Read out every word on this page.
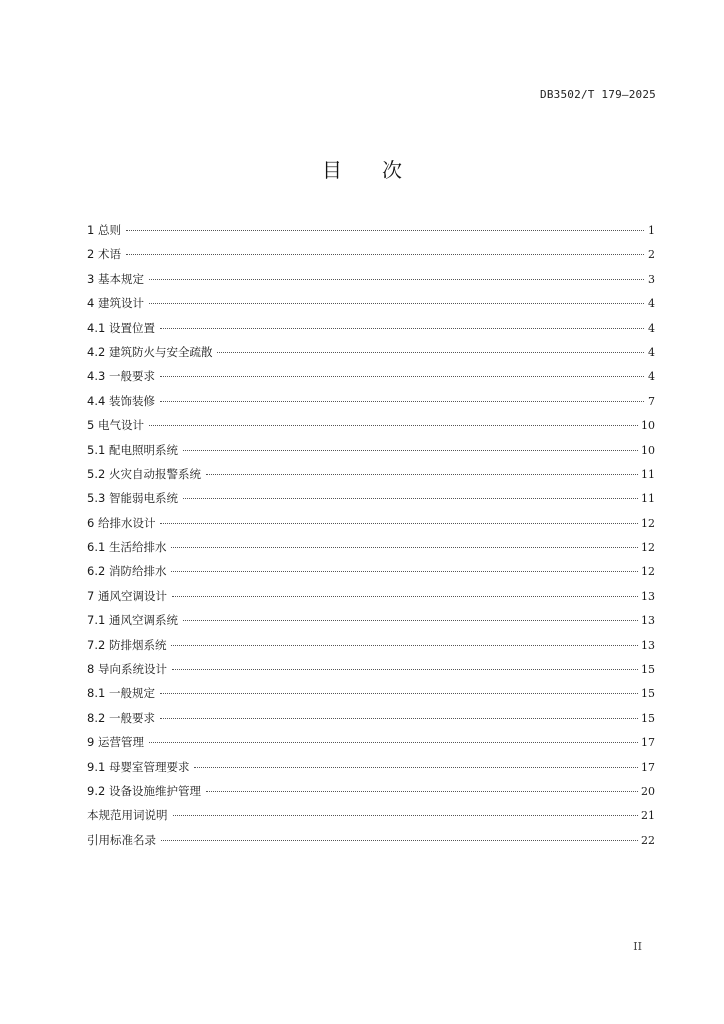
DB3502/T 179—2025
目 次
1 总则	1
2 术语	2
3 基本规定	3
4 建筑设计	4
4.1 设置位置	4
4.2 建筑防火与安全疏散	4
4.3 一般要求	4
4.4 装饰装修	7
5 电气设计	10
5.1 配电照明系统	10
5.2 火灾自动报警系统	11
5.3 智能弱电系统	11
6 给排水设计	12
6.1 生活给排水	12
6.2 消防给排水	12
7 通风空调设计	13
7.1 通风空调系统	13
7.2 防排烟系统	13
8 导向系统设计	15
8.1 一般规定	15
8.2 一般要求	15
9 运营管理	17
9.1 母婴室管理要求	17
9.2 设备设施维护管理	20
本规范用词说明	21
引用标准名录	22
II
